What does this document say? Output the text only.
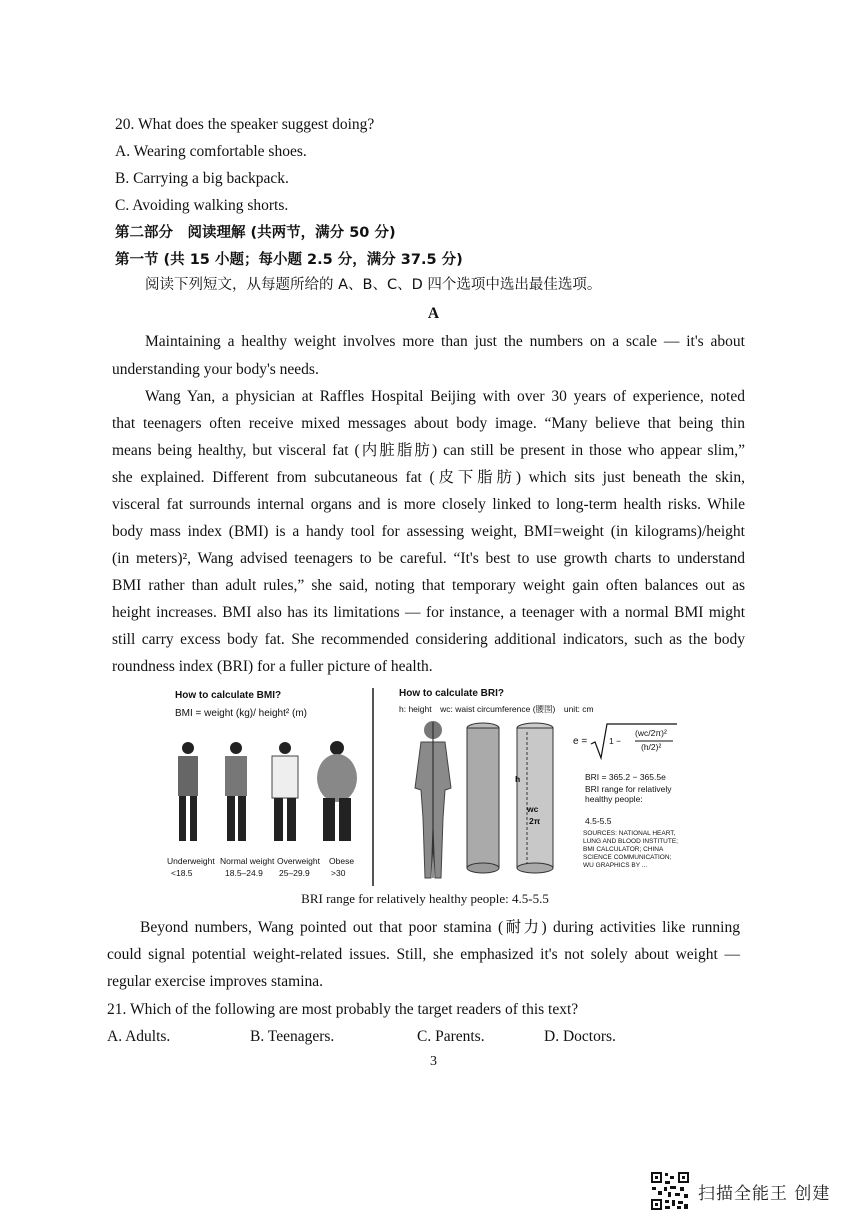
20. What does the speaker suggest doing?
A. Wearing comfortable shoes.
B. Carrying a big backpack.
C. Avoiding walking shorts.
第二部分　阅读理解 (共两节，满分 50 分)
第一节 (共 15 小题；每小题 2.5 分，满分 37.5 分)
阅读下列短文，从每题所给的 A、B、C、D 四个选项中选出最佳选项。
A
Maintaining a healthy weight involves more than just the numbers on a scale — it's about
understanding your body's needs.
Wang Yan, a physician at Raffles Hospital Beijing with over 30 years of experience, noted
that teenagers often receive mixed messages about body image. “Many believe that being thin
means being healthy, but visceral fat (内脏脂肪) can still be present in those who appear slim,”
she explained. Different from subcutaneous fat (皮下脂肪) which sits just beneath the skin,
visceral fat surrounds internal organs and is more closely linked to long-term health risks. While
body mass index (BMI) is a handy tool for assessing weight, BMI=weight (in kilograms)/height
(in meters)², Wang advised teenagers to be careful. “It's best to use growth charts to understand
BMI rather than adult rules,” she said, noting that temporary weight gain often balances out as
height increases. BMI also has its limitations — for instance, a teenager with a normal BMI might
still carry excess body fat. She recommended considering additional indicators, such as the body
roundness index (BRI) for a fuller picture of health.
How to calculate BMI?
BMI = weight (kg)/ height² (m)
Underweight
<18.5
Normal weight
18.5–24.9
Overweight
25–29.9
Obese
>30
How to calculate BRI?
h: height　wc: waist circumference (腰围)　unit: cm
h
wc
2π
e =	1 −
(wc/2π)²
(h/2)²
BRI = 365.2 − 365.5e
BRI range for relatively healthy people:
4.5-5.5
SOURCES: NATIONAL HEART, LUNG AND BLOOD INSTITUTE; BMI CALCULATOR; CHINA SCIENCE COMMUNICATION; WU GRAPHICS BY ...
BRI range for relatively healthy people: 4.5-5.5
Beyond numbers, Wang pointed out that poor stamina (耐力) during activities like running
could signal potential weight-related issues. Still, she emphasized it's not solely about weight —
regular exercise improves stamina.
21. Which of the following are most probably the target readers of this text?
A. Adults.	B. Teenagers.	C. Parents.	D. Doctors.
3
扫描全能王 创建
